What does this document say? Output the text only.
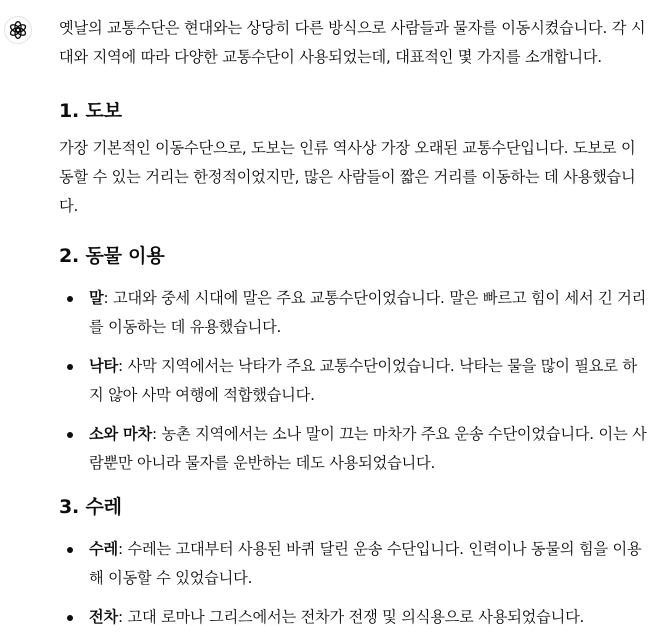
옛날의 교통수단은 현대와는 상당히 다른 방식으로 사람들과 물자를 이동시켰습니다. 각 시대와 지역에 따라 다양한 교통수단이 사용되었는데, 대표적인 몇 가지를 소개합니다.

1. 도보

가장 기본적인 이동수단으로, 도보는 인류 역사상 가장 오래된 교통수단입니다. 도보로 이동할 수 있는 거리는 한정적이었지만, 많은 사람들이 짧은 거리를 이동하는 데 사용했습니다.

2. 동물 이용
말: 고대와 중세 시대에 말은 주요 교통수단이었습니다. 말은 빠르고 힘이 세서 긴 거리를 이동하는 데 유용했습니다.
낙타: 사막 지역에서는 낙타가 주요 교통수단이었습니다. 낙타는 물을 많이 필요로 하지 않아 사막 여행에 적합했습니다.
소와 마차: 농촌 지역에서는 소나 말이 끄는 마차가 주요 운송 수단이었습니다. 이는 사람뿐만 아니라 물자를 운반하는 데도 사용되었습니다.
3. 수레
수레: 수레는 고대부터 사용된 바퀴 달린 운송 수단입니다. 인력이나 동물의 힘을 이용해 이동할 수 있었습니다.
전차: 고대 로마나 그리스에서는 전차가 전쟁 및 의식용으로 사용되었습니다.
